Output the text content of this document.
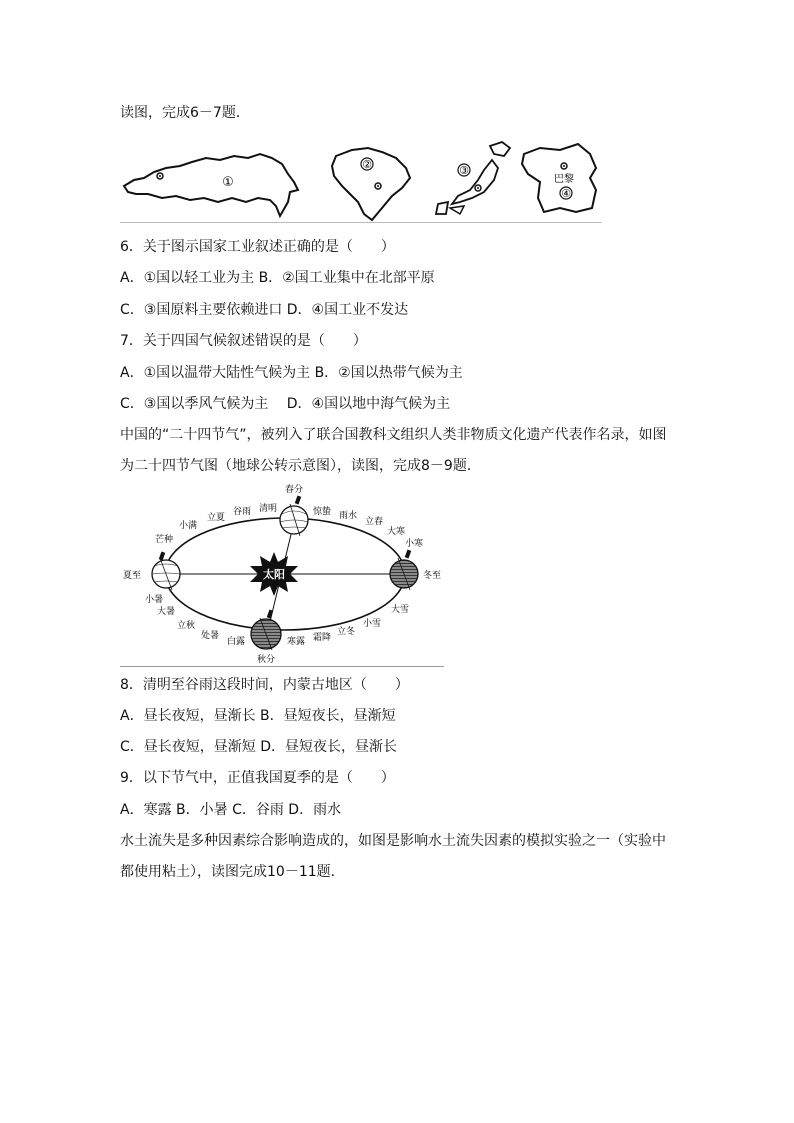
读图，完成6－7题．
①
②	③
巴黎
④
6．关于图示国家工业叙述正确的是（　　）
A．①国以轻工业为主 B．②国工业集中在北部平原
C．③国原料主要依赖进口 D．④国工业不发达
7．关于四国气候叙述错误的是（　　）
A．①国以温带大陆性气候为主 B．②国以热带气候为主
C．③国以季风气候为主　 D．④国以地中海气候为主
中国的“二十四节气”，被列入了联合国教科文组织人类非物质文化遗产代表作名录，如图
为二十四节气图（地球公转示意图），读图，完成8－9题．
太阳
春分
夏至
秋分
冬至
小满
立夏
谷雨 清明	惊蛰 雨水
立春
大寒
小寒
芒种
小暑
大暑
立秋
处暑
白露	寒露 霜降
立冬
小雪
大雪
8．清明至谷雨这段时间，内蒙古地区（　　）
A．昼长夜短，昼渐长 B．昼短夜长，昼渐短
C．昼长夜短，昼渐短 D．昼短夜长，昼渐长
9．以下节气中，正值我国夏季的是（　　）
A．寒露 B．小暑 C．谷雨 D．雨水
水土流失是多种因素综合影响造成的，如图是影响水土流失因素的模拟实验之一（实验中
都使用粘土），读图完成10－11题．
